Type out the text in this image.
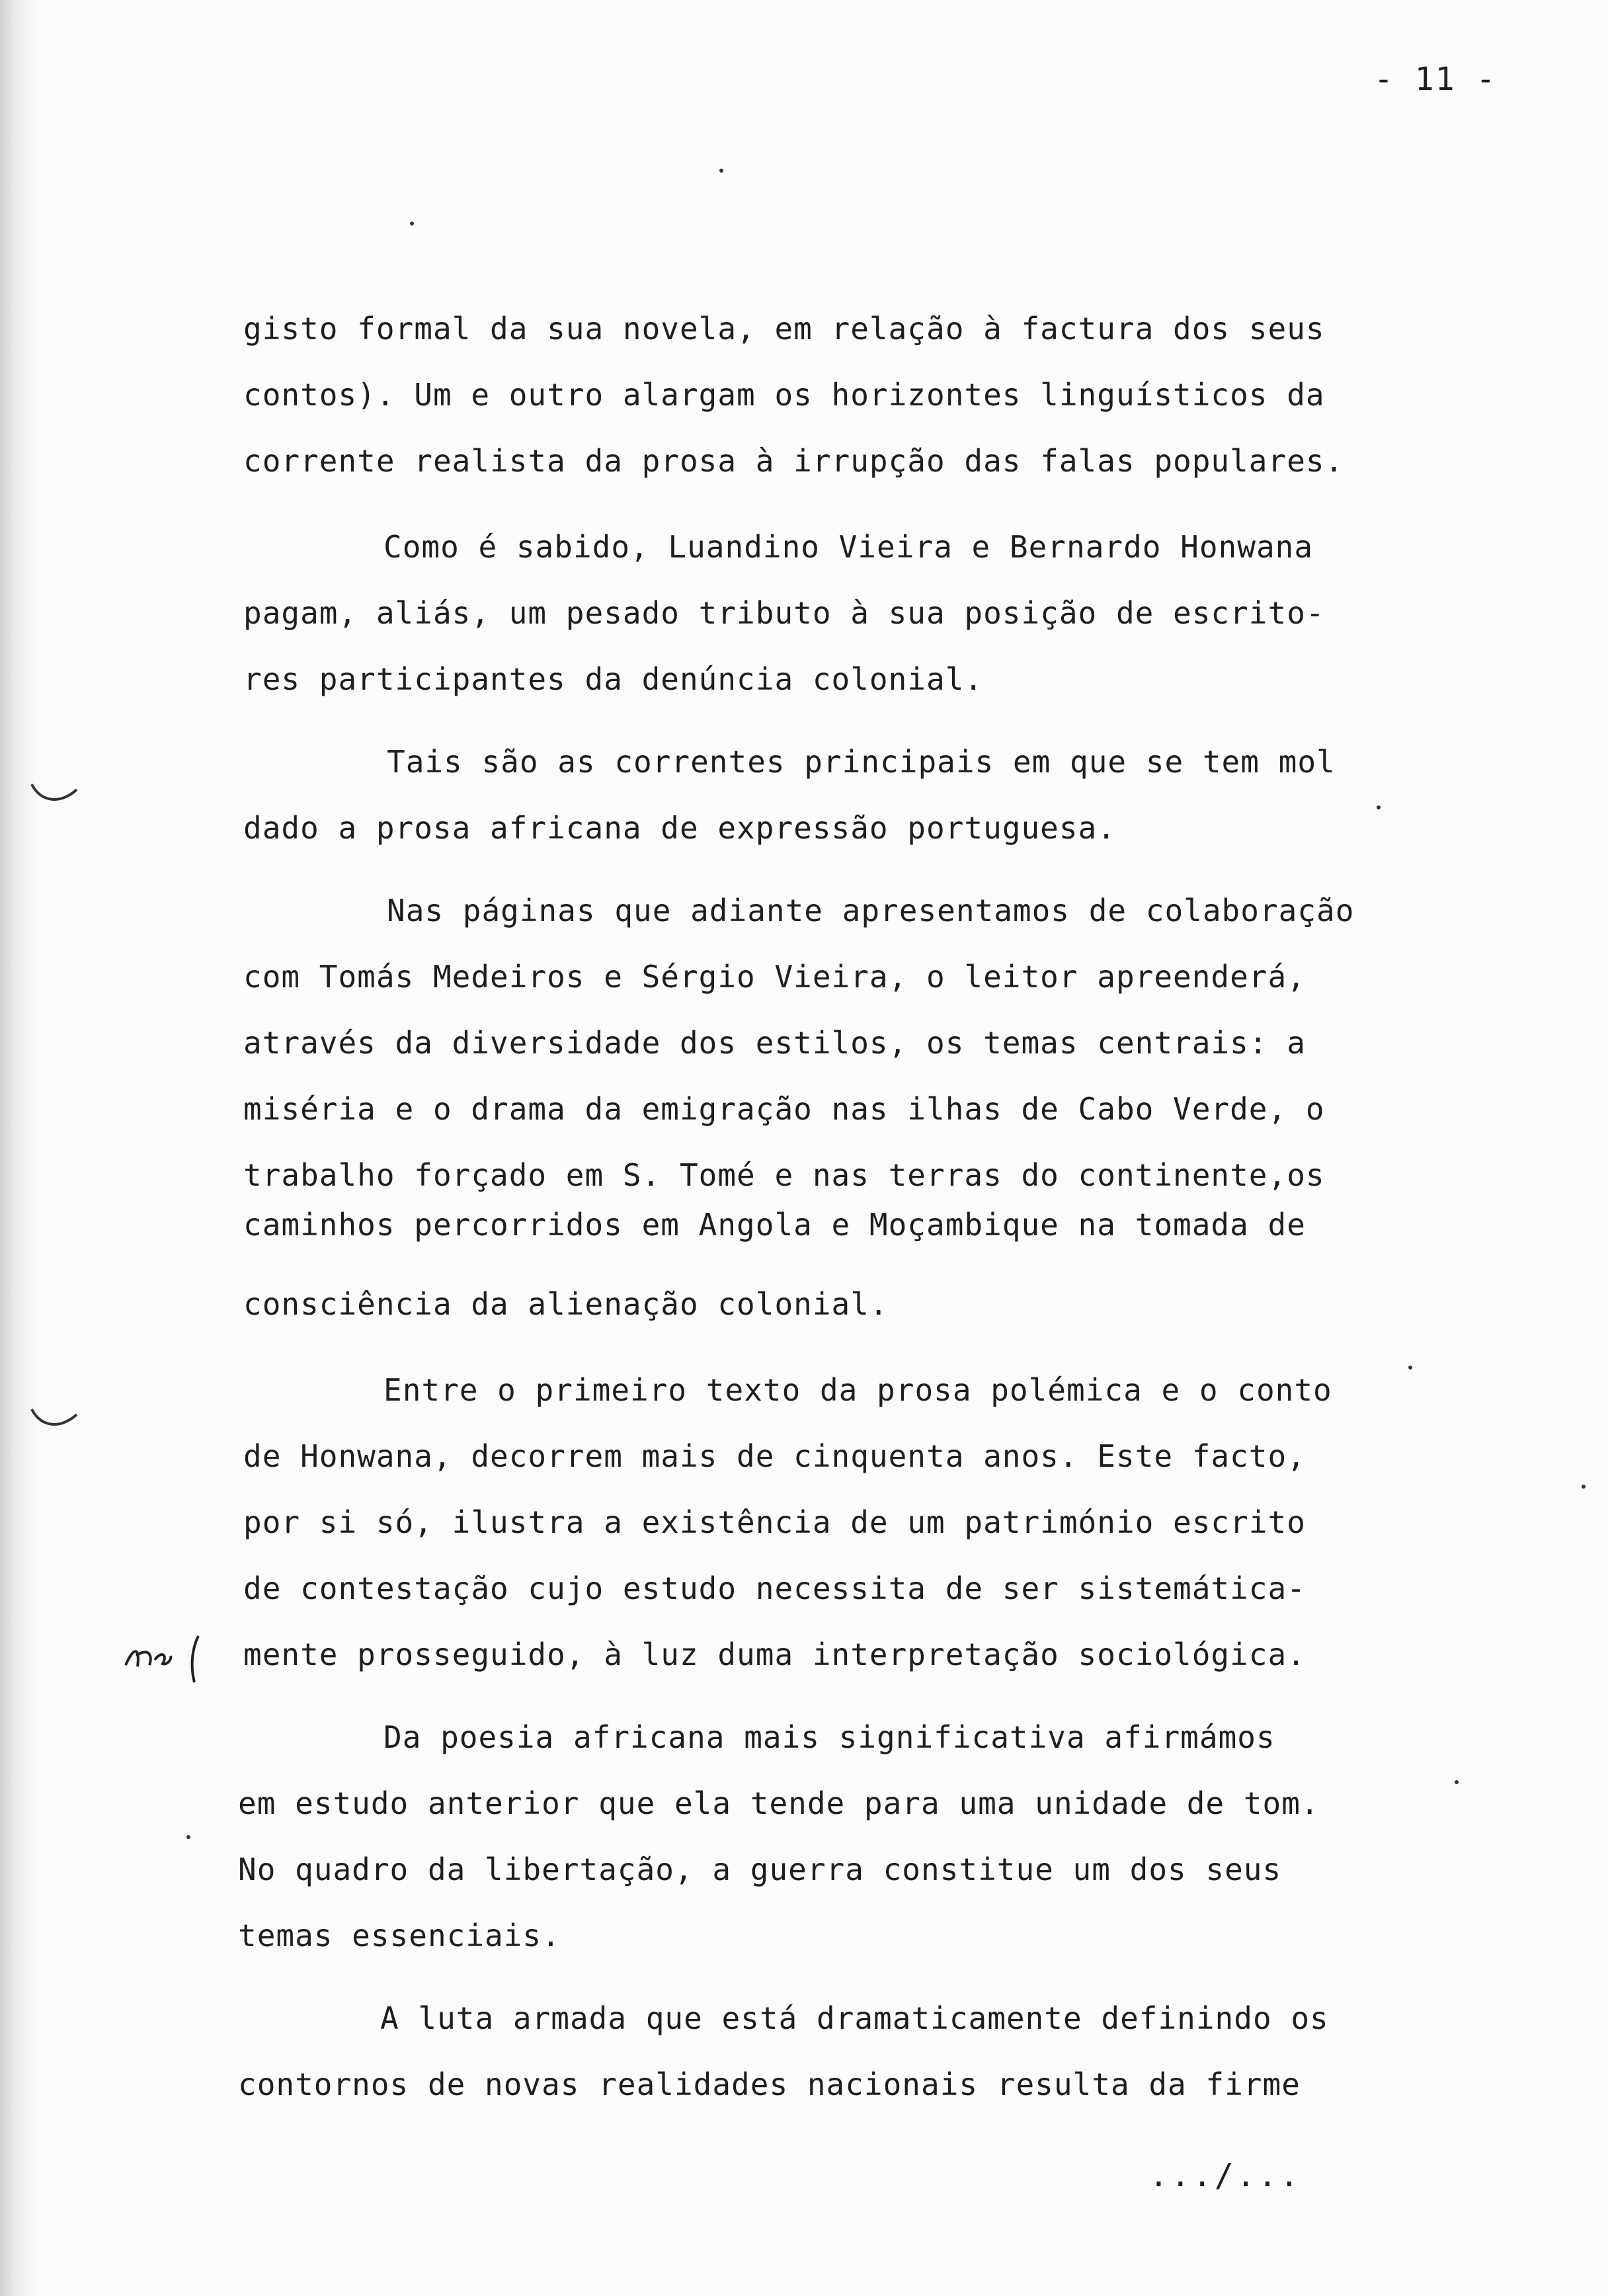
- 11 -
gisto formal da sua novela, em relação à factura dos seus
contos). Um e outro alargam os horizontes linguísticos da
corrente realista da prosa à irrupção das falas populares.
Como é sabido, Luandino Vieira e Bernardo Honwana
pagam, aliás, um pesado tributo à sua posição de escrito-
res participantes da denúncia colonial.
Tais são as correntes principais em que se tem mol
dado a prosa africana de expressão portuguesa.
Nas páginas que adiante apresentamos de colaboração
com Tomás Medeiros e Sérgio Vieira, o leitor apreenderá,
através da diversidade dos estilos, os temas centrais: a
miséria e o drama da emigração nas ilhas de Cabo Verde, o
trabalho forçado em S. Tomé e nas terras do continente,os
caminhos percorridos em Angola e Moçambique na tomada de
consciência da alienação colonial.
Entre o primeiro texto da prosa polémica e o conto
de Honwana, decorrem mais de cinquenta anos. Este facto,
por si só, ilustra a existência de um património escrito
de contestação cujo estudo necessita de ser sistemática-
mente prosseguido, à luz duma interpretação sociológica.
Da poesia africana mais significativa afirmámos
em estudo anterior que ela tende para uma unidade de tom.
No quadro da libertação, a guerra constitue um dos seus
temas essenciais.
A luta armada que está dramaticamente definindo os
contornos de novas realidades nacionais resulta da firme
.../...
